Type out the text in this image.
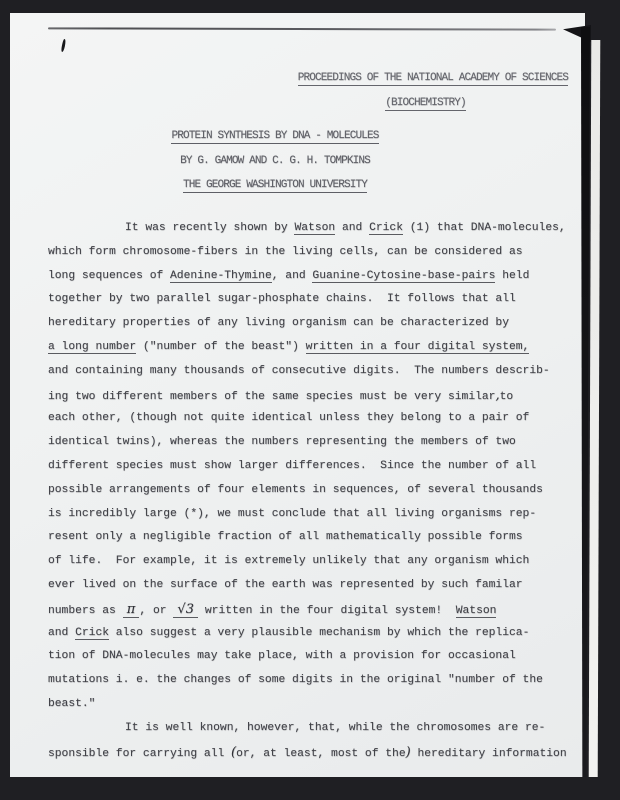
PROCEEDINGS OF THE NATIONAL ACADEMY OF SCIENCES
(BIOCHEMISTRY)
PROTEIN SYNTHESIS BY DNA - MOLECULES
BY G. GAMOW AND C. G. H. TOMPKINS
THE GEORGE WASHINGTON UNIVERSITY
It was recently shown by Watson and Crick (1) that DNA-molecules,
which form chromosome-fibers in the living cells, can be considered as
long sequences of Adenine-Thymine, and Guanine-Cytosine-base-pairs held
together by two parallel sugar-phosphate chains.  It follows that all
hereditary properties of any living organism can be characterized by
a long number ("number of the beast") written in a four digital system,
and containing many thousands of consecutive digits.  The numbers describ-
ing two different members of the same species must be very similar,to
each other, (though not quite identical unless they belong to a pair of
identical twins), whereas the numbers representing the members of two
different species must show larger differences.  Since the number of all
possible arrangements of four elements in sequences, of several thousands
is incredibly large (*), we must conclude that all living organisms rep-
resent only a negligible fraction of all mathematically possible forms
of life.  For example, it is extremely unlikely that any organism which
ever lived on the surface of the earth was represented by such familar
numbers as  π , or  √3  written in the four digital system!  Watson
and Crick also suggest a very plausible mechanism by which the replica-
tion of DNA-molecules may take place, with a provision for occasional
mutations i. e. the changes of some digits in the original "number of the
beast."
It is well known, however, that, while the chromosomes are re-
sponsible for carrying all (or, at least, most of the) hereditary information
